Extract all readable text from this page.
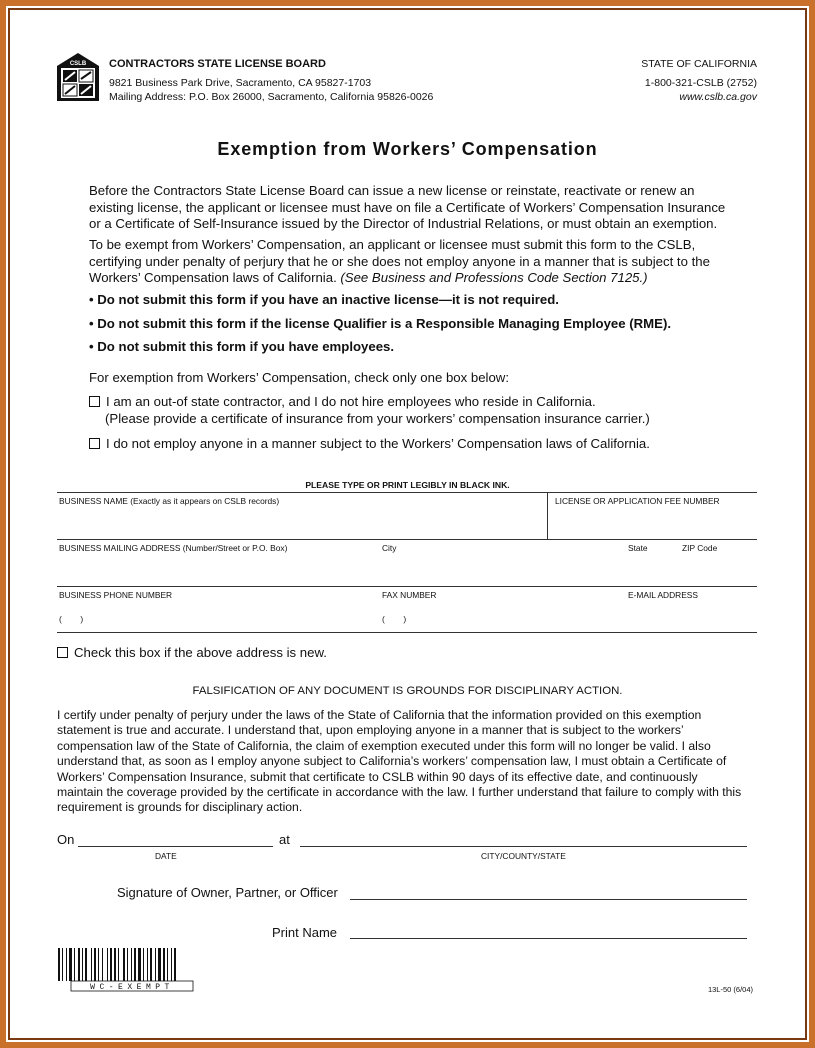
CSLB CONTRACTORS STATE LICENSE BOARD
9821 Business Park Drive, Sacramento, CA 95827-1703
Mailing Address: P.O. Box 26000, Sacramento, California 95826-0026
STATE OF CALIFORNIA
1-800-321-CSLB (2752)
www.cslb.ca.gov
Exemption from Workers’ Compensation
Before the Contractors State License Board can issue a new license or reinstate, reactivate or renew an existing license, the applicant or licensee must have on file a Certificate of Workers’ Compensation Insurance or a Certificate of Self-Insurance issued by the Director of Industrial Relations, or must obtain an exemption.
To be exempt from Workers’ Compensation, an applicant or licensee must submit this form to the CSLB, certifying under penalty of perjury that he or she does not employ anyone in a manner that is subject to the Workers’ Compensation laws of California. (See Business and Professions Code Section 7125.)
• Do not submit this form if you have an inactive license—it is not required.
• Do not submit this form if the license Qualifier is a Responsible Managing Employee (RME).
• Do not submit this form if you have employees.
For exemption from Workers’ Compensation, check only one box below:
I am an out-of state contractor, and I do not hire employees who reside in California.
(Please provide a certificate of insurance from your workers’ compensation insurance carrier.)
I do not employ anyone in a manner subject to the Workers’ Compensation laws of California.
PLEASE TYPE OR PRINT LEGIBLY IN BLACK INK.
BUSINESS NAME (Exactly as it appears on CSLB records)	LICENSE OR APPLICATION FEE NUMBER
BUSINESS MAILING ADDRESS (Number/Street or P.O. Box)	City	State	ZIP Code
BUSINESS PHONE NUMBER	FAX NUMBER	E-MAIL ADDRESS
(        )	(        )
Check this box if the above address is new.
FALSIFICATION OF ANY DOCUMENT IS GROUNDS FOR DISCIPLINARY ACTION.
I certify under penalty of perjury under the laws of the State of California that the information provided on this exemption statement is true and accurate. I understand that, upon employing anyone in a manner that is subject to the workers’ compensation law of the State of California, the claim of exemption executed under this form will no longer be valid. I also understand that, as soon as I employ anyone subject to California’s workers’ compensation law, I must obtain a Certificate of Workers’ Compensation Insurance, submit that certificate to CSLB within 90 days of its effective date, and continuously maintain the coverage provided by the certificate in accordance with the law. I further understand that failure to comply with this requirement is grounds for disciplinary action.
On	at
DATE	CITY/COUNTY/STATE
Signature of Owner, Partner, or Officer
Print Name
WC-EXEMPT	13L-50 (6/04)
